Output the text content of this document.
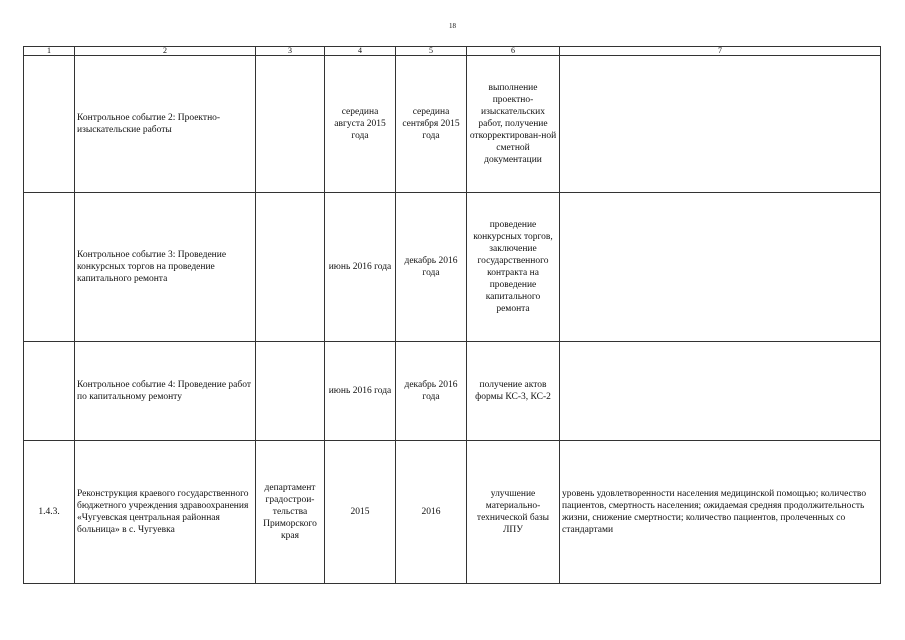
18
1	2	3	4	5	6	7
	Контрольное событие 2: Проектно-изыскательские работы		середина августа 2015 года	середина сентября 2015 года	выполнение проектно-изыскательских работ, получение откорректирован-ной сметной документации	
	Контрольное событие 3: Проведение конкурсных торгов на проведение капитального ремонта		июнь 2016 года	декабрь 2016 года	проведение конкурсных торгов, заключение государственного контракта на проведение капитального ремонта	
	Контрольное событие 4: Проведение работ по капитальному ремонту		июнь 2016 года	декабрь 2016 года	получение актов формы КС-3, КС-2	
1.4.3.	Реконструкция краевого государственного бюджетного учреждения здравоохранения «Чугуевская центральная районная больница» в с. Чугуевка	департамент градострои-тельства Приморского края	2015	2016	улучшение материально-технической базы ЛПУ	уровень удовлетворенности населения медицинской помощью; количество пациентов, смертность населения; ожидаемая средняя продолжительность жизни, снижение смертности; количество пациентов, пролеченных со стандартами
